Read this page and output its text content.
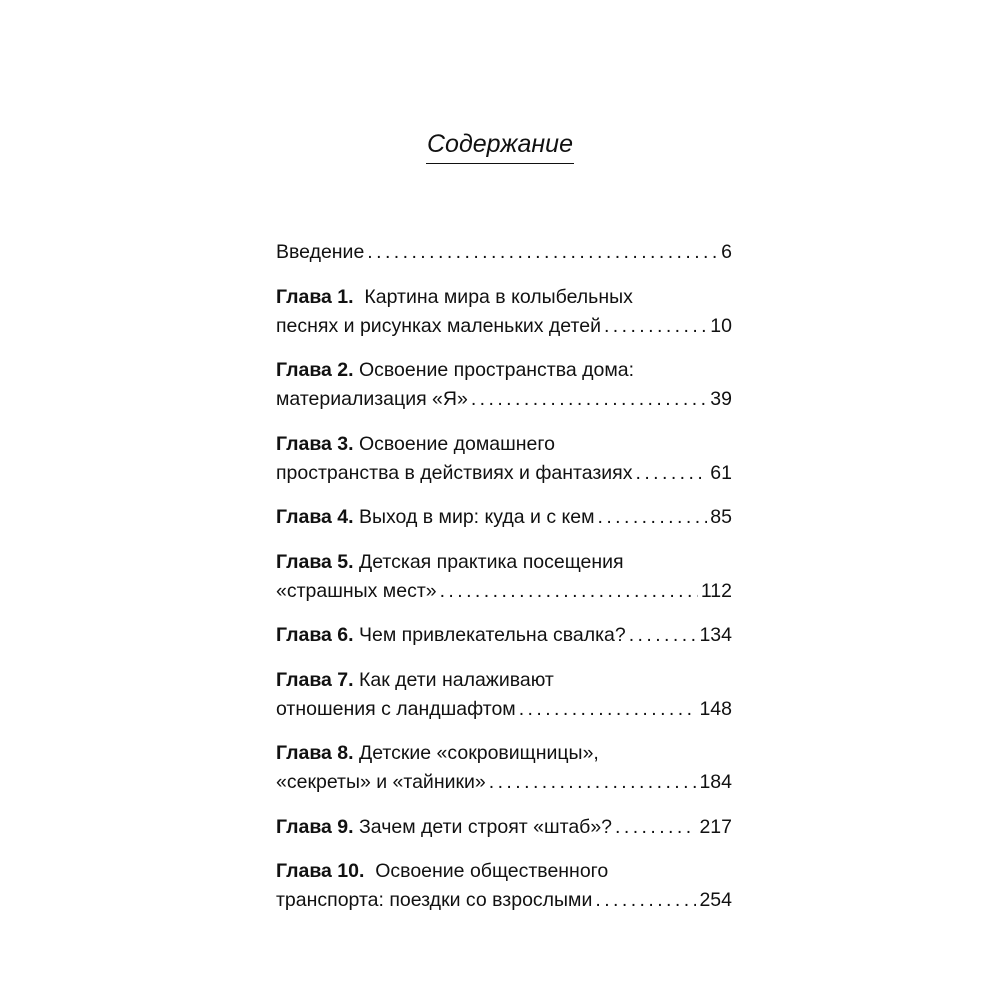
Содержание
Введение . . .	6
Глава 1.
Картина мира в колыбельных
песнях и рисунках маленьких детей . . .	10
Глава 2.
Освоение пространства дома:
материализация «Я» . . .	39
Глава 3.
Освоение домашнего
пространства в действиях и фантазиях . . .	61
Глава 4.
Выход в мир: куда и с кем . . .	85
Глава 5.
Детская практика посещения
«страшных мест» . . .	112
Глава 6.
Чем привлекательна свалка? . . .	134
Глава 7.
Как дети налаживают
отношения с ландшафтом . . .	148
Глава 8.
Детские «сокровищницы»,
«секреты» и «тайники» . . .	184
Глава 9.
Зачем дети строят «штаб»? . . .	217
Глава 10.
Освоение общественного
транспорта: поездки со взрослыми . . .	254
